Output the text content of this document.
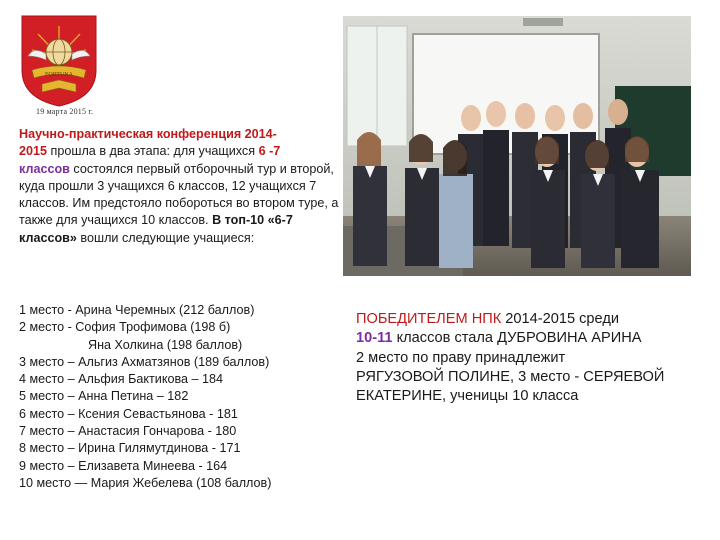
FORTUNA
19 марта 2015 г.
Научно-практическая конференция 2014-
2015 прошла в два этапа: для учащихся 6 -7
классов состоялся первый отборочный тур и второй, куда прошли 3 учащихся 6 классов, 12 учащихся 7 классов. Им предстояло побороться во втором туре, а также для учащихся 10 классов. В топ-10 «6-7
классов» вошли следующие учащиеся:
1 место - Арина Черемных (212 баллов)
2 место - София Трофимова (198 б)
Яна Холкина (198 баллов)
3 место – Альгиз Ахматзянов (189 баллов)
4 место – Альфия Бактикова – 184
5 место – Анна Петина – 182
6 место – Ксения Севастьянова - 181
7 место – Анастасия Гончарова - 180
8 место – Ирина Гилямутдинова - 171
9 место – Елизавета Минеева - 164
10 место — Мария Жебелева (108 баллов)
ПОБЕДИТЕЛЕМ НПК 2014-2015 среди
10-11 классов стала ДУБРОВИНА АРИНА
2 место по праву принадлежит
РЯГУЗОВОЙ ПОЛИНЕ, 3 место - СЕРЯЕВОЙ
ЕКАТЕРИНЕ, ученицы 10 класса
